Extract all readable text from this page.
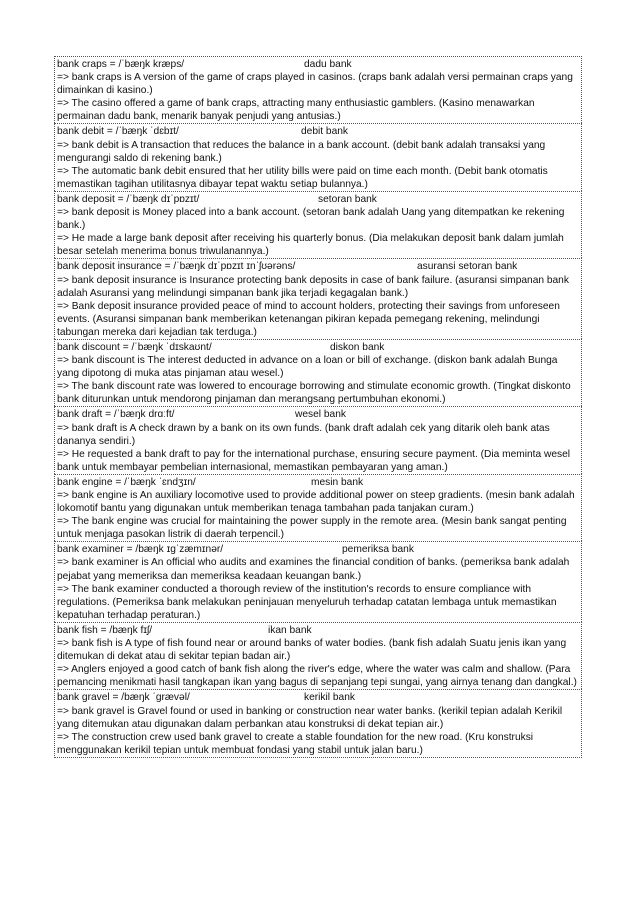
bank craps = /ˈbæŋk kræps/	dadu bank

=> bank craps is A version of the game of craps played in casinos. (craps bank adalah versi permainan craps yang dimainkan di kasino.)

=> The casino offered a game of bank craps, attracting many enthusiastic gamblers. (Kasino menawarkan permainan dadu bank, menarik banyak penjudi yang antusias.)

bank debit = /ˈbæŋk ˈdɛbɪt/	debit bank

=> bank debit is A transaction that reduces the balance in a bank account. (debit bank adalah transaksi yang mengurangi saldo di rekening bank.)

=> The automatic bank debit ensured that her utility bills were paid on time each month. (Debit bank otomatis memastikan tagihan utilitasnya dibayar tepat waktu setiap bulannya.)

bank deposit = /ˈbæŋk dɪˈpɒzɪt/	setoran bank

=> bank deposit is Money placed into a bank account. (setoran bank adalah Uang yang ditempatkan ke rekening bank.)

=> He made a large bank deposit after receiving his quarterly bonus. (Dia melakukan deposit bank dalam jumlah besar setelah menerima bonus triwulanannya.)

bank deposit insurance = /ˈbæŋk dɪˈpɒzɪt ɪnˈʃʊərəns/	asuransi setoran bank

=> bank deposit insurance is Insurance protecting bank deposits in case of bank failure. (asuransi simpanan bank adalah Asuransi yang melindungi simpanan bank jika terjadi kegagalan bank.)

=> Bank deposit insurance provided peace of mind to account holders, protecting their savings from unforeseen events. (Asuransi simpanan bank memberikan ketenangan pikiran kepada pemegang rekening, melindungi tabungan mereka dari kejadian tak terduga.)

bank discount = /ˈbæŋk ˈdɪskaʊnt/	diskon bank

=> bank discount is The interest deducted in advance on a loan or bill of exchange. (diskon bank adalah Bunga yang dipotong di muka atas pinjaman atau wesel.)

=> The bank discount rate was lowered to encourage borrowing and stimulate economic growth. (Tingkat diskonto bank diturunkan untuk mendorong pinjaman dan merangsang pertumbuhan ekonomi.)

bank draft = /ˈbæŋk drɑːft/	wesel bank

=> bank draft is A check drawn by a bank on its own funds. (bank draft adalah cek yang ditarik oleh bank atas dananya sendiri.)

=> He requested a bank draft to pay for the international purchase, ensuring secure payment. (Dia meminta wesel bank untuk membayar pembelian internasional, memastikan pembayaran yang aman.)

bank engine = /ˈbæŋk ˈɛndʒɪn/	mesin bank

=> bank engine is An auxiliary locomotive used to provide additional power on steep gradients. (mesin bank adalah lokomotif bantu yang digunakan untuk memberikan tenaga tambahan pada tanjakan curam.)

=> The bank engine was crucial for maintaining the power supply in the remote area. (Mesin bank sangat penting untuk menjaga pasokan listrik di daerah terpencil.)

bank examiner = /bæŋk ɪɡˈzæmɪnər/	pemeriksa bank

=> bank examiner is An official who audits and examines the financial condition of banks. (pemeriksa bank adalah pejabat yang memeriksa dan memeriksa keadaan keuangan bank.)

=> The bank examiner conducted a thorough review of the institution's records to ensure compliance with regulations. (Pemeriksa bank melakukan peninjauan menyeluruh terhadap catatan lembaga untuk memastikan kepatuhan terhadap peraturan.)

bank fish = /bæŋk fɪʃ/	ikan bank

=> bank fish is A type of fish found near or around banks of water bodies. (bank fish adalah Suatu jenis ikan yang ditemukan di dekat atau di sekitar tepian badan air.)

=> Anglers enjoyed a good catch of bank fish along the river's edge, where the water was calm and shallow. (Para pemancing menikmati hasil tangkapan ikan yang bagus di sepanjang tepi sungai, yang airnya tenang dan dangkal.)

bank gravel = /bæŋk ˈɡrævəl/	kerikil bank

=> bank gravel is Gravel found or used in banking or construction near water banks. (kerikil tepian adalah Kerikil yang ditemukan atau digunakan dalam perbankan atau konstruksi di dekat tepian air.)

=> The construction crew used bank gravel to create a stable foundation for the new road. (Kru konstruksi menggunakan kerikil tepian untuk membuat fondasi yang stabil untuk jalan baru.)
